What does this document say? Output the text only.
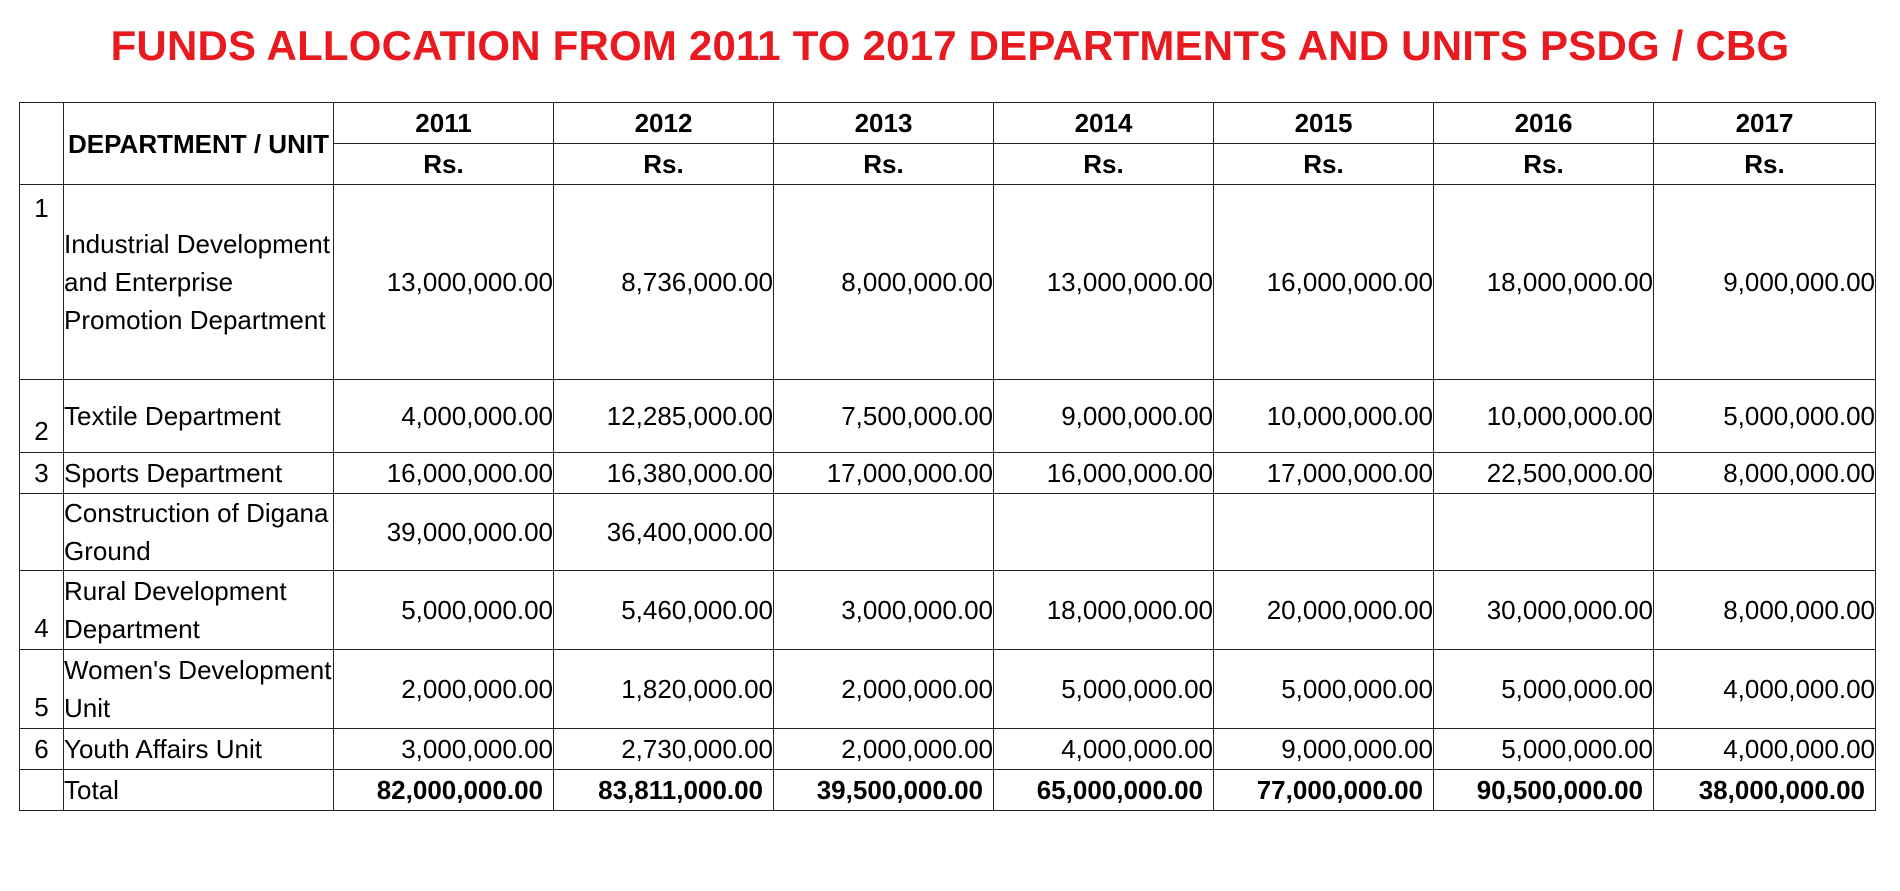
FUNDS ALLOCATION FROM 2011 TO 2017 DEPARTMENTS AND UNITS PSDG / CBG
	DEPARTMENT / UNIT	2011	2012	2013	2014	2015	2016	2017
		Rs.	Rs.	Rs.	Rs.	Rs.	Rs.	Rs.
1	Industrial Development and Enterprise Promotion Department	13,000,000.00	8,736,000.00	8,000,000.00	13,000,000.00	16,000,000.00	18,000,000.00	9,000,000.00
2	Textile Department	4,000,000.00	12,285,000.00	7,500,000.00	9,000,000.00	10,000,000.00	10,000,000.00	5,000,000.00
3	Sports Department	16,000,000.00	16,380,000.00	17,000,000.00	16,000,000.00	17,000,000.00	22,500,000.00	8,000,000.00
	Construction of Digana Ground	39,000,000.00	36,400,000.00					
4	Rural Development Department	5,000,000.00	5,460,000.00	3,000,000.00	18,000,000.00	20,000,000.00	30,000,000.00	8,000,000.00
5	Women's Development Unit	2,000,000.00	1,820,000.00	2,000,000.00	5,000,000.00	5,000,000.00	5,000,000.00	4,000,000.00
6	Youth Affairs Unit	3,000,000.00	2,730,000.00	2,000,000.00	4,000,000.00	9,000,000.00	5,000,000.00	4,000,000.00
	Total	82,000,000.00	83,811,000.00	39,500,000.00	65,000,000.00	77,000,000.00	90,500,000.00	38,000,000.00
